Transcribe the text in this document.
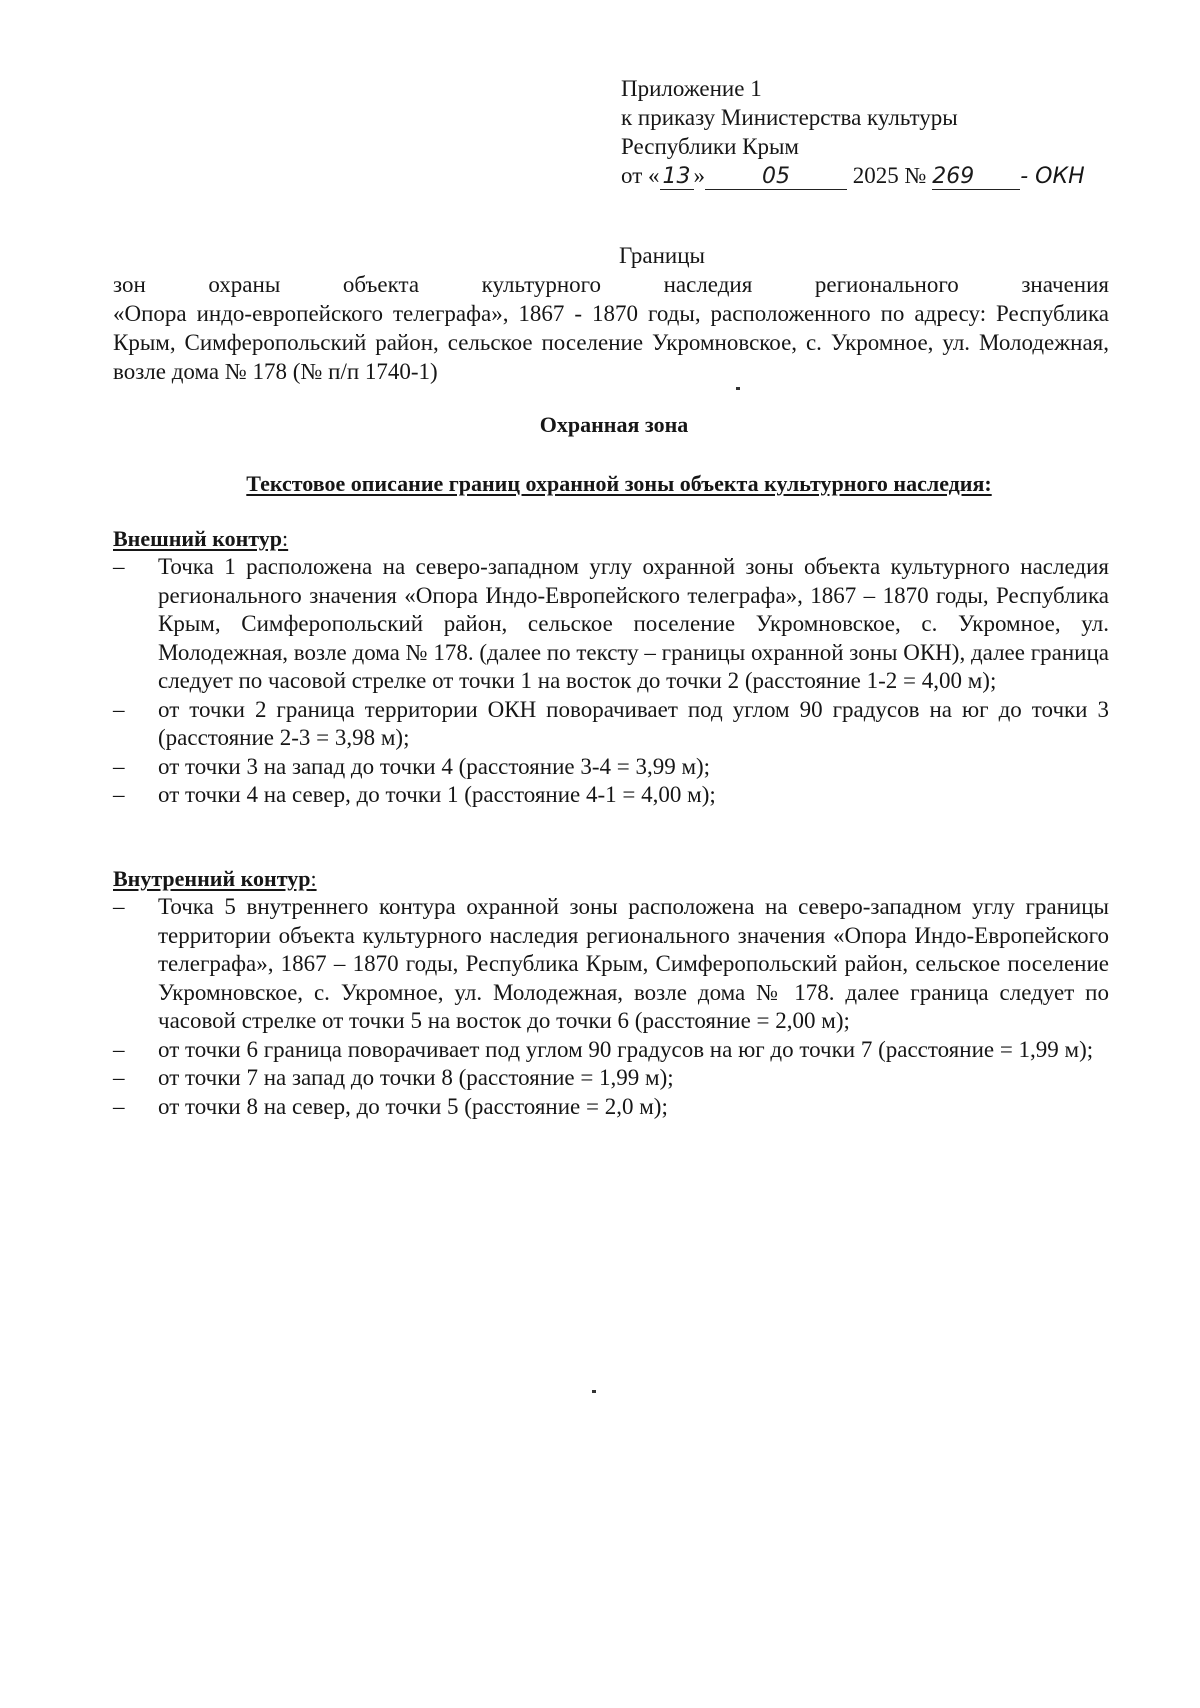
Приложение 1
к приказу Министерства культуры
Республики Крым
от « 13 »	05	2025 № 269 - ОКН
Границы
зон охраны объекта культурного наследия регионального значения
«Опора индо-европейского телеграфа», 1867 - 1870 годы, расположенного по адресу: Республика Крым, Симферопольский район, сельское поселение Укромновское, с. Укромное, ул. Молодежная, возле дома № 178 (№ п/п 1740-1)
Охранная зона
Текстовое описание границ охранной зоны объекта культурного наследия:
Внешний контур:
– Точка 1 расположена на северо-западном углу охранной зоны объекта культурного наследия регионального значения «Опора Индо-Европейского телеграфа», 1867 – 1870 годы, Республика Крым, Симферопольский район, сельское поселение Укромновское, с. Укромное, ул. Молодежная, возле дома № 178. (далее по тексту – границы охранной зоны ОКН), далее граница следует по часовой стрелке от точки 1 на восток до точки 2 (расстояние 1-2 = 4,00 м);
– от точки 2 граница территории ОКН поворачивает под углом 90 градусов на юг до точки 3 (расстояние 2-3 = 3,98 м);
– от точки 3 на запад до точки 4 (расстояние 3-4 = 3,99 м);
– от точки 4 на север, до точки 1 (расстояние 4-1 = 4,00 м);
Внутренний контур:
– Точка 5 внутреннего контура охранной зоны расположена на северо-западном углу границы территории объекта культурного наследия регионального значения «Опора Индо-Европейского телеграфа», 1867 – 1870 годы, Республика Крым, Симферопольский район, сельское поселение Укромновское, с. Укромное, ул. Молодежная, возле дома № 178. далее граница следует по часовой стрелке от точки 5 на восток до точки 6 (расстояние = 2,00 м);
– от точки 6 граница поворачивает под углом 90 градусов на юг до точки 7 (расстояние = 1,99 м);
– от точки 7 на запад до точки 8 (расстояние = 1,99 м);
– от точки 8 на север, до точки 5 (расстояние = 2,0 м);
